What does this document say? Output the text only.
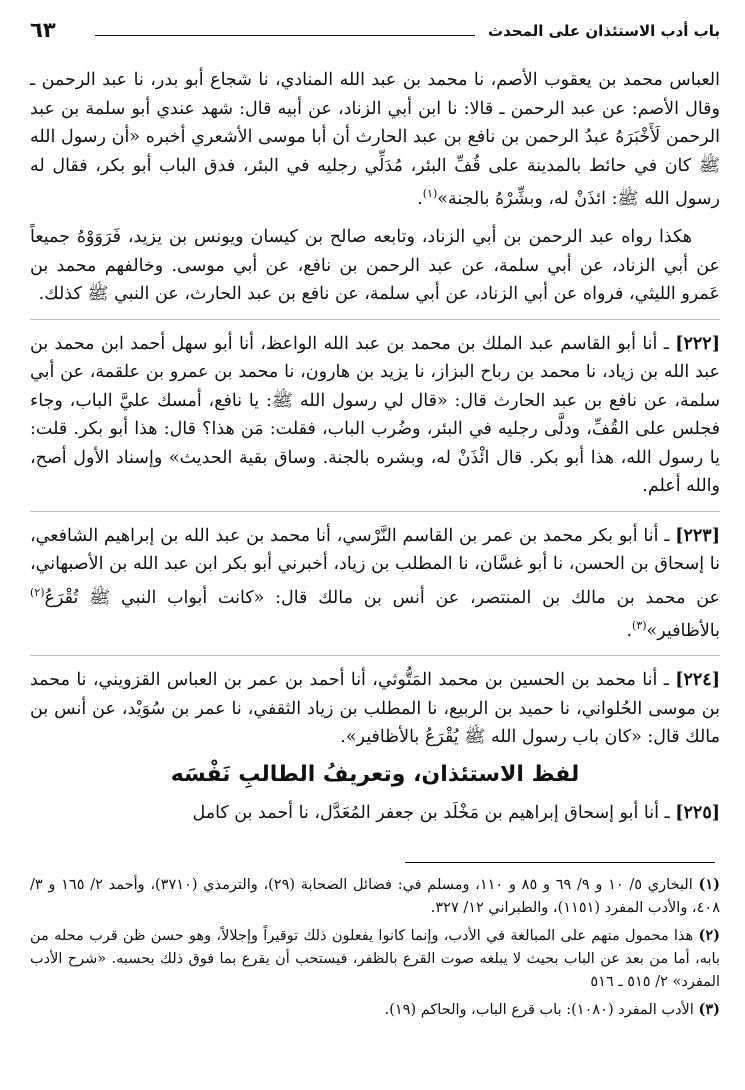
باب أدب الاستئذان على المحدث
٦٣

العباس محمد بن يعقوب الأصم، نا محمد بن عبد الله المنادي، نا شجاع أبو بدر، نا عبد الرحمن ـ وقال الأصم: عن عبد الرحمن ـ قالا: نا ابن أبي الزناد، عن أبيه قال: شهد عندي أبو سلمة بن عبد الرحمن لَأَخْبَرَهُ عبدُ الرحمن بن نافع بن عبد الحارث أن أبا موسى الأشعري أخبره «أن رسول الله ﷺ كان في حائط بالمدينة على قُفِّ البئر، مُدَلِّي رجليه في البئر، فدق الباب أبو بكر، فقال له رسول الله ﷺ: ائذَنْ له، وبشِّرْهُ بالجنة»$^{(١)}$.

هكذا رواه عبد الرحمن بن أبي الزناد، وتابعه صالح بن كيسان ويونس بن يزيد، فَرَوَوْهُ جميعاً عن أبي الزناد، عن أبي سلمة، عن عبد الرحمن بن نافع، عن أبي موسى. وخالفهم محمد بن عَمرو الليثي، فرواه عن أبي الزناد، عن أبي سلمة، عن نافع بن عبد الحارث، عن النبي ﷺ كذلك.

[٢٢٢] ـ أنا أبو القاسم عبد الملك بن محمد بن عبد الله الواعظ، أنا أبو سهل أحمد ابن محمد بن عبد الله بن زياد، نا محمد بن رباح البزاز، نا يزيد بن هارون، نا محمد بن عمرو بن علقمة، عن أبي سلمة، عن نافع بن عبد الحارث قال: «قال لي رسول الله ﷺ: يا نافع، أمسك عليَّ الباب، وجاء فجلس على القُفِّ، ودلَّى رجليه في البئر، وضُرب الباب، فقلت: مَن هذا؟ قال: هذا أبو بكر. قلت: يا رسول الله، هذا أبو بكر. قال ائْذَنْ له، وبشره بالجنة. وساق بقية الحديث» وإسناد الأول أصح، والله أعلم.

[٢٢٣] ـ أنا أبو بكر محمد بن عمر بن القاسم النَّرْسي، أنا محمد بن عبد الله بن إبراهيم الشافعي، نا إسحاق بن الحسن، نا أبو غسَّان، نا المطلب بن زياد، أخبرني أبو بكر ابن عبد الله بن الأصبهاني، عن محمد بن مالك بن المنتصر، عن أنس بن مالك قال: «كانت أبواب النبي ﷺ تُقْرَعُ$^{(٢)}$ بالأظافير»$^{(٣)}$.

[٢٢٤] ـ أنا محمد بن الحسين بن محمد المَتُّوثي، أنا أحمد بن عمر بن العباس القزويني، نا محمد بن موسى الحُلواني، نا حميد بن الربيع، نا المطلب بن زياد الثقفي، نا عمر بن سُوَيْد، عن أنس بن مالك قال: «كان باب رسول الله ﷺ يُقْرَعُ بالأظافير».

لفظ الاستئذان، وتعريفُ الطالبِ نَفْسَه

[٢٢٥] ـ أنا أبو إسحاق إبراهيم بن مَخْلَد بن جعفر المُعَدَّل، نا أحمد بن كامل

(١) البخاري ٥/ ١٠ و ٩/ ٦٩ و ٨٥ و ١١٠، ومسلم في: فضائل الصحابة (٢٩)، والترمذي (٣٧١٠)، وأحمد ٢/ ١٦٥ و ٣/ ٤٠٨، والأدب المفرد (١١٥١)، والطبراني ١٢/ ٣٢٧.

(٢) هذا محمول منهم على المبالغة في الأدب، وإنما كانوا يفعلون ذلك توقيراً وإجلالاً، وهو حسن ظن قرب محله من بابه، أما من بعد عن الباب بحيث لا يبلغه صوت القرع بالظفر، فيستحب أن يقرع بما فوق ذلك بحسبه. «شرح الأدب المفرد» ٢/ ٥١٥ ـ ٥١٦

(٣) الأدب المفرد (١٠٨٠): باب قرع الباب، والحاكم (١٩).
